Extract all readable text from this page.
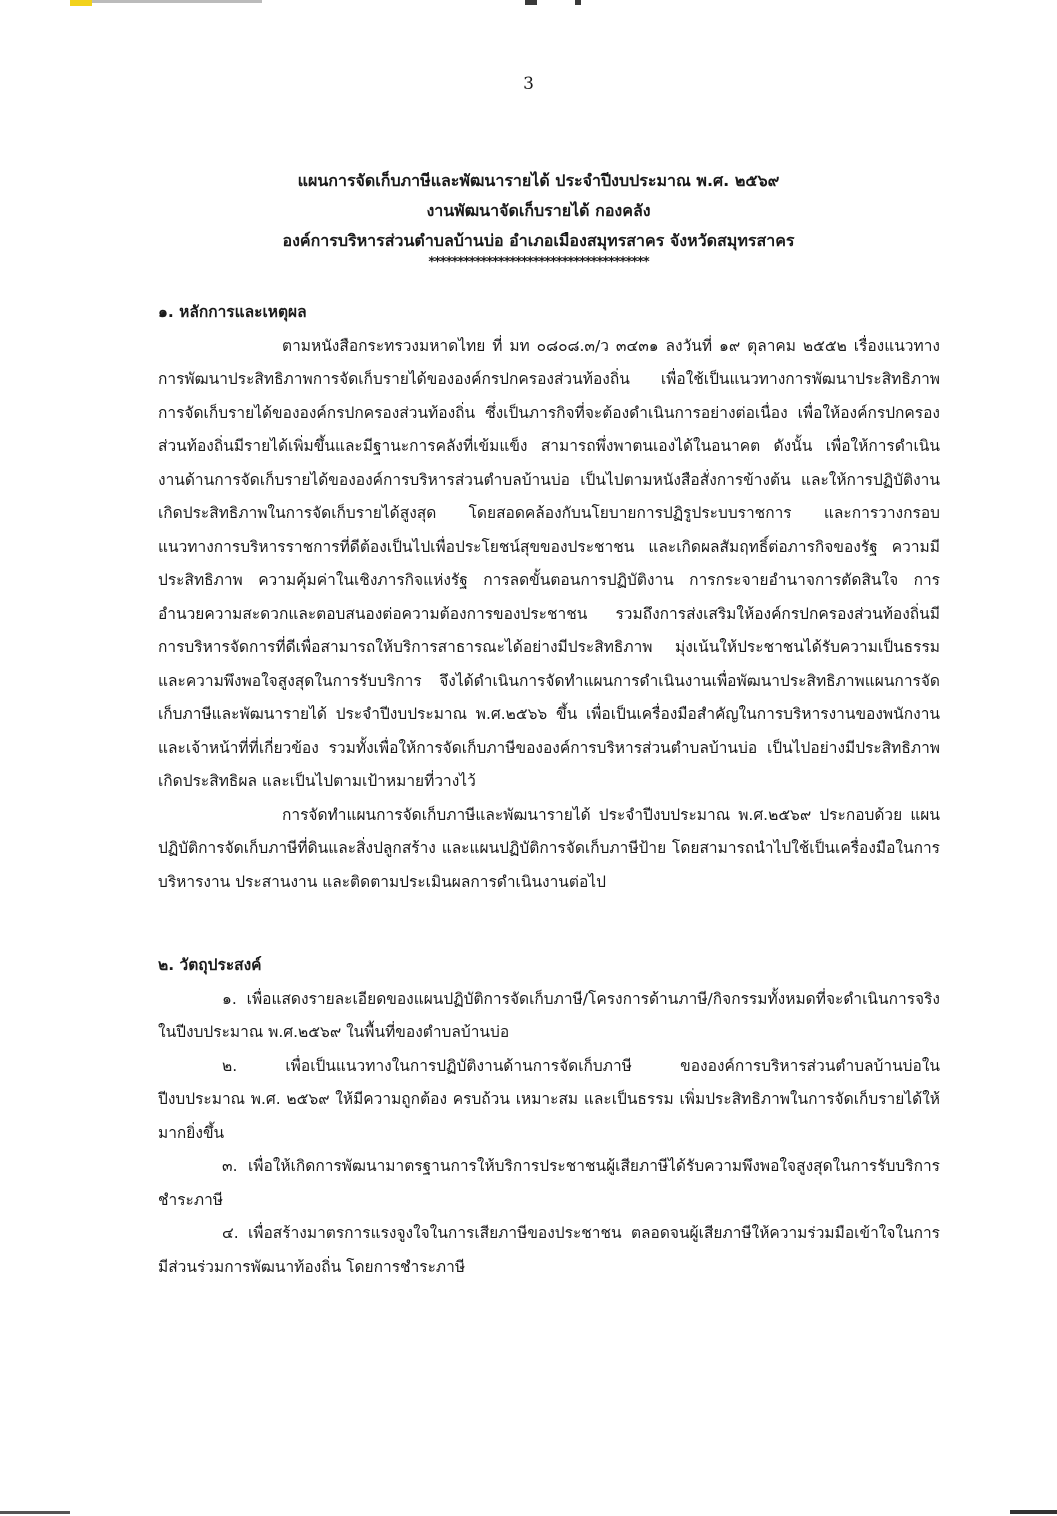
3
แผนการจัดเก็บภาษีและพัฒนารายได้ ประจำปีงบประมาณ พ.ศ. ๒๕๖๙
งานพัฒนาจัดเก็บรายได้ กองคลัง
องค์การบริหารส่วนตำบลบ้านบ่อ อำเภอเมืองสมุทรสาคร จังหวัดสมุทรสาคร
**************************************

๑. หลักการและเหตุผล

ตามหนังสือกระทรวงมหาดไทย ที่ มท ๐๘๐๘.๓/ว ๓๔๓๑ ลงวันที่ ๑๙ ตุลาคม ๒๕๕๒ เรื่องแนวทางการพัฒนาประสิทธิภาพการจัดเก็บรายได้ขององค์กรปกครองส่วนท้องถิ่น เพื่อใช้เป็นแนวทางการพัฒนาประสิทธิภาพการจัดเก็บรายได้ขององค์กรปกครองส่วนท้องถิ่น ซึ่งเป็นภารกิจที่จะต้องดำเนินการอย่างต่อเนื่อง เพื่อให้องค์กรปกครองส่วนท้องถิ่นมีรายได้เพิ่มขึ้นและมีฐานะการคลังที่เข้มแข็ง สามารถพึ่งพาตนเองได้ในอนาคต ดังนั้น เพื่อให้การดำเนินงานด้านการจัดเก็บรายได้ขององค์การบริหารส่วนตำบลบ้านบ่อ เป็นไปตามหนังสือสั่งการข้างต้น และให้การปฏิบัติงานเกิดประสิทธิภาพในการจัดเก็บรายได้สูงสุด โดยสอดคล้องกับนโยบายการปฏิรูประบบราชการ และการวางกรอบแนวทางการบริหารราชการที่ดีต้องเป็นไปเพื่อประโยชน์สุขของประชาชน และเกิดผลสัมฤทธิ์ต่อภารกิจของรัฐ ความมีประสิทธิภาพ ความคุ้มค่าในเชิงภารกิจแห่งรัฐ การลดขั้นตอนการปฏิบัติงาน การกระจายอำนาจการตัดสินใจ การอำนวยความสะดวกและตอบสนองต่อความต้องการของประชาชน รวมถึงการส่งเสริมให้องค์กรปกครองส่วนท้องถิ่นมีการบริหารจัดการที่ดีเพื่อสามารถให้บริการสาธารณะได้อย่างมีประสิทธิภาพ มุ่งเน้นให้ประชาชนได้รับความเป็นธรรมและความพึงพอใจสูงสุดในการรับบริการ จึงได้ดำเนินการจัดทำแผนการดำเนินงานเพื่อพัฒนาประสิทธิภาพแผนการจัดเก็บภาษีและพัฒนารายได้ ประจำปีงบประมาณ พ.ศ.๒๕๖๖ ขึ้น เพื่อเป็นเครื่องมือสำคัญในการบริหารงานของพนักงานและเจ้าหน้าที่ที่เกี่ยวข้อง รวมทั้งเพื่อให้การจัดเก็บภาษีขององค์การบริหารส่วนตำบลบ้านบ่อ เป็นไปอย่างมีประสิทธิภาพ เกิดประสิทธิผล และเป็นไปตามเป้าหมายที่วางไว้

การจัดทำแผนการจัดเก็บภาษีและพัฒนารายได้ ประจำปีงบประมาณ พ.ศ.๒๕๖๙ ประกอบด้วย แผนปฏิบัติการจัดเก็บภาษีที่ดินและสิ่งปลูกสร้าง และแผนปฏิบัติการจัดเก็บภาษีป้าย โดยสามารถนำไปใช้เป็นเครื่องมือในการบริหารงาน ประสานงาน และติดตามประเมินผลการดำเนินงานต่อไป

๒. วัตถุประสงค์

๑. เพื่อแสดงรายละเอียดของแผนปฏิบัติการจัดเก็บภาษี/โครงการด้านภาษี/กิจกรรมทั้งหมดที่จะดำเนินการจริงในปีงบประมาณ พ.ศ.๒๕๖๙ ในพื้นที่ของตำบลบ้านบ่อ

๒. เพื่อเป็นแนวทางในการปฏิบัติงานด้านการจัดเก็บภาษี ขององค์การบริหารส่วนตำบลบ้านบ่อในปีงบประมาณ พ.ศ. ๒๕๖๙ ให้มีความถูกต้อง ครบถ้วน เหมาะสม และเป็นธรรม เพิ่มประสิทธิภาพในการจัดเก็บรายได้ให้มากยิ่งขึ้น

๓. เพื่อให้เกิดการพัฒนามาตรฐานการให้บริการประชาชนผู้เสียภาษีได้รับความพึงพอใจสูงสุดในการรับบริการชำระภาษี

๔. เพื่อสร้างมาตรการแรงจูงใจในการเสียภาษีของประชาชน ตลอดจนผู้เสียภาษีให้ความร่วมมือเข้าใจในการมีส่วนร่วมการพัฒนาท้องถิ่น โดยการชำระภาษี
